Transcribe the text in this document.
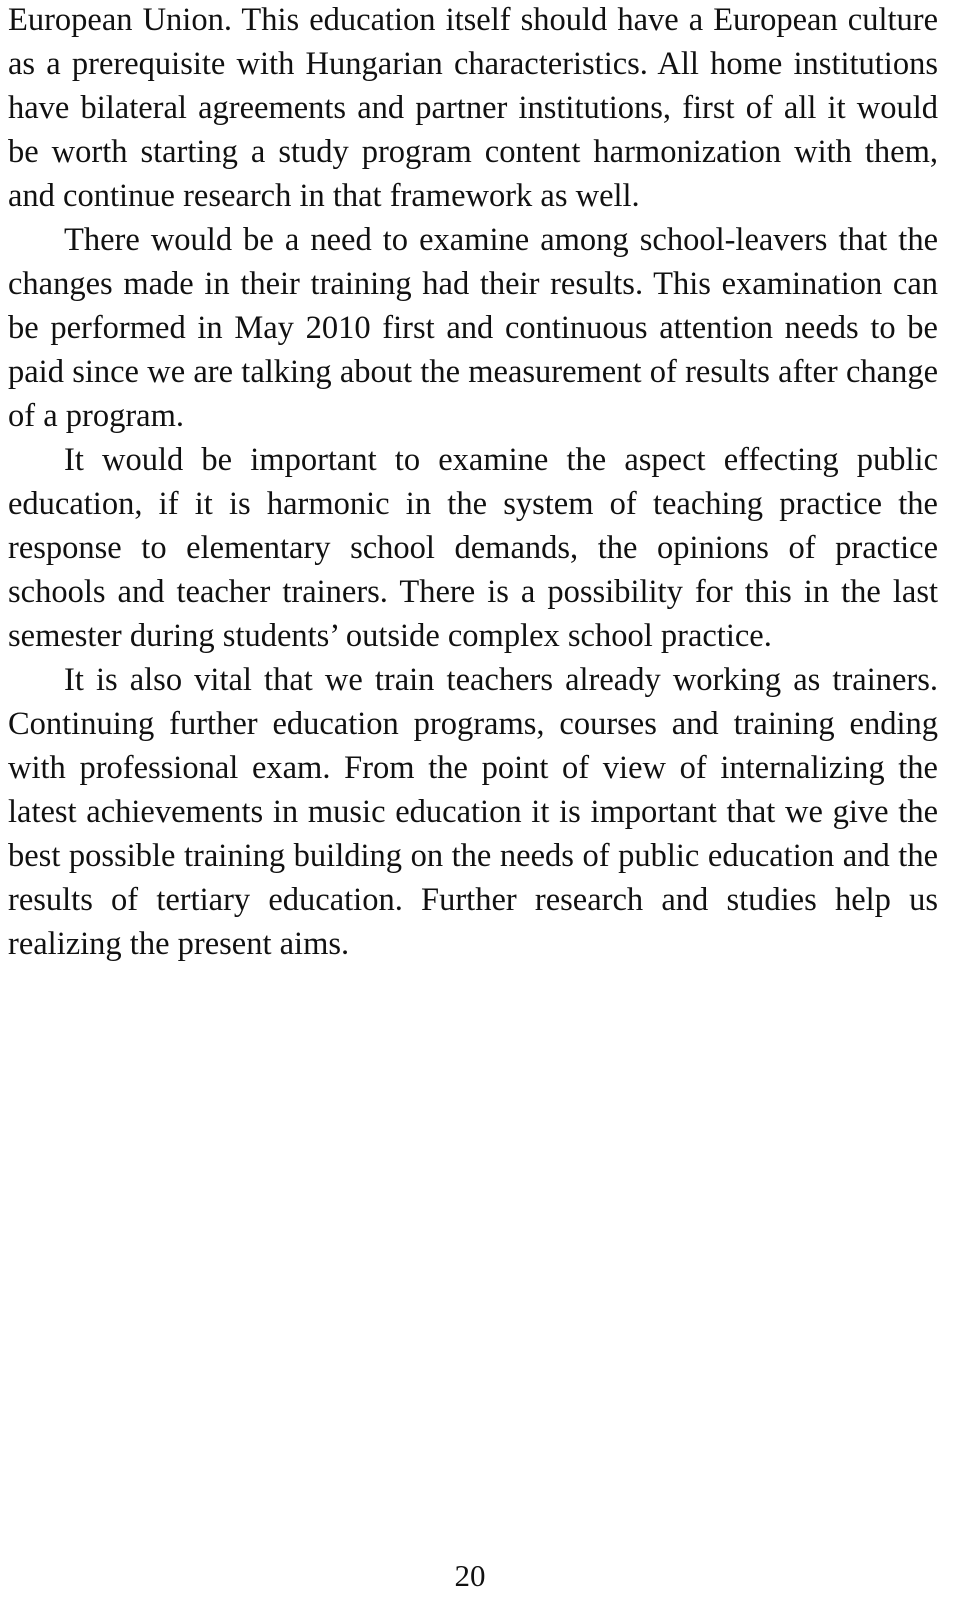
European Union. This education itself should have a European culture as a prerequisite with Hungarian characteristics. All home institutions have bilateral agreements and partner institutions, first of all it would be worth starting a study program content harmonization with them, and continue research in that framework as well.

There would be a need to examine among school-leavers that the changes made in their training had their results. This examination can be performed in May 2010 first and continuous attention needs to be paid since we are talking about the measurement of results after change of a program.

It would be important to examine the aspect effecting public education, if it is harmonic in the system of teaching practice the response to elementary school demands, the opinions of practice schools and teacher trainers. There is a possibility for this in the last semester during students’ outside complex school practice.

It is also vital that we train teachers already working as trainers. Continuing further education programs, courses and training ending with professional exam. From the point of view of internalizing the latest achievements in music education it is important that we give the best possible training building on the needs of public education and the results of tertiary education. Further research and studies help us realizing the present aims.

20
